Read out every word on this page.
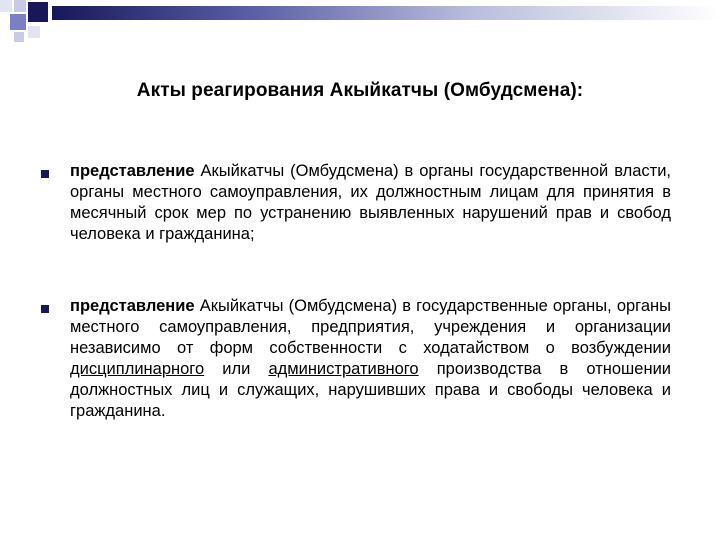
Акты реагирования Акыйкатчы (Омбудсмена):
представление Акыйкатчы (Омбудсмена) в органы государственной власти, органы местного самоуправления, их должностным лицам для принятия в месячный срок мер по устранению выявленных нарушений прав и свобод человека и гражданина;
представление Акыйкатчы (Омбудсмена) в государственные органы, органы местного самоуправления, предприятия, учреждения и организации независимо от форм собственности с ходатайством о возбуждении дисциплинарного или административного производства в отношении должностных лиц и служащих, нарушивших права и свободы человека и гражданина.
